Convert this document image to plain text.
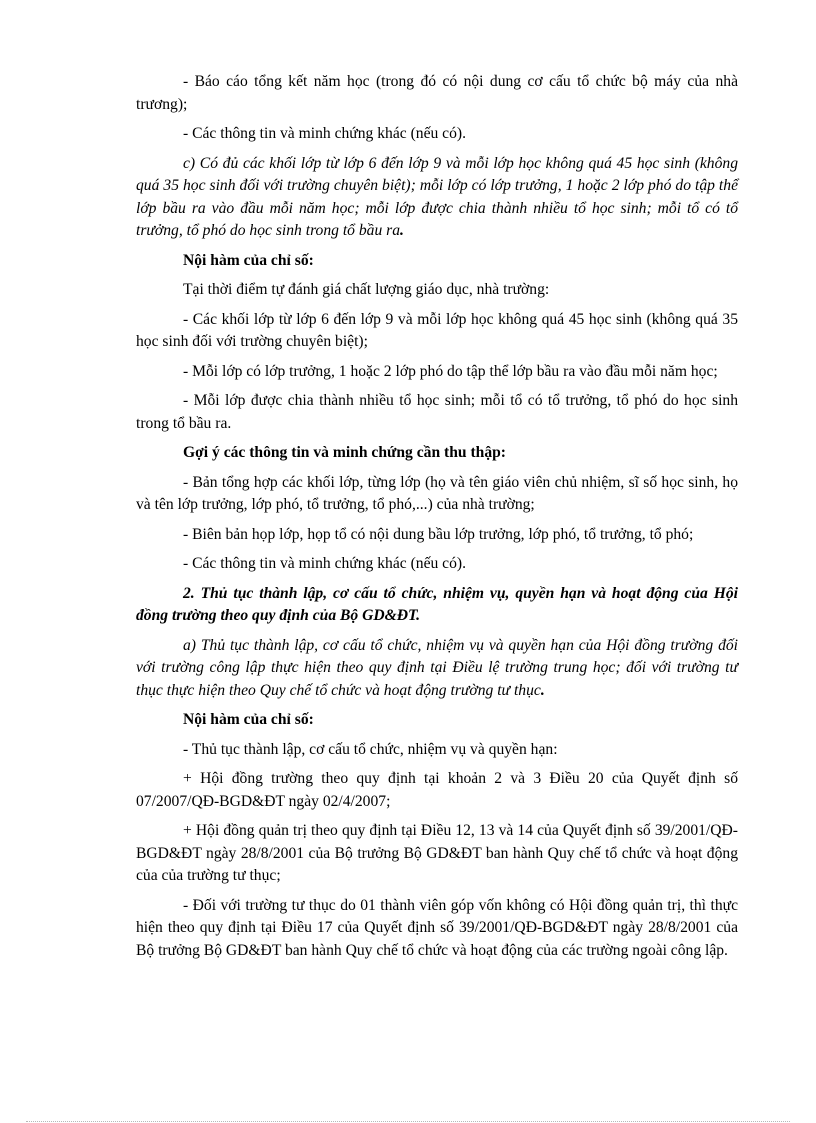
- Báo cáo tổng kết năm học (trong đó có nội dung cơ cấu tổ chức bộ máy của nhà trương);

- Các thông tin và minh chứng khác (nếu có).

c) Có đủ các khối lớp từ lớp 6 đến lớp 9 và mỗi lớp học không quá 45 học sinh (không quá 35 học sinh đối với trường chuyên biệt); mỗi lớp có lớp trưởng, 1 hoặc 2 lớp phó do tập thể lớp bầu ra vào đầu mỗi năm học; mỗi lớp được chia thành nhiều tổ học sinh; mỗi tổ có tổ trưởng, tổ phó do học sinh trong tổ bầu ra.

Nội hàm của chỉ số:

Tại thời điểm tự đánh giá chất lượng giáo dục, nhà trường:

- Các khối lớp từ lớp 6 đến lớp 9 và mỗi lớp học không quá 45 học sinh (không quá 35 học sinh đối với trường chuyên biệt);

- Mỗi lớp có lớp trưởng, 1 hoặc 2 lớp phó do tập thể lớp bầu ra vào đầu mỗi năm học;

- Mỗi lớp được chia thành nhiều tổ học sinh; mỗi tổ có tổ trưởng, tổ phó do học sinh trong tổ bầu ra.

Gợi ý các thông tin và minh chứng cần thu thập:

- Bản tổng hợp các khối lớp, từng lớp (họ và tên giáo viên chủ nhiệm, sĩ số học sinh, họ và tên lớp trưởng, lớp phó, tổ trưởng, tổ phó,...) của nhà trường;

- Biên bản họp lớp, họp tổ có nội dung bầu lớp trưởng, lớp phó, tổ trưởng, tổ phó;

- Các thông tin và minh chứng khác (nếu có).

2. Thủ tục thành lập, cơ cấu tổ chức, nhiệm vụ, quyền hạn và hoạt động của Hội đồng trường theo quy định của Bộ GD&ĐT.

a) Thủ tục thành lập, cơ cấu tổ chức, nhiệm vụ và quyền hạn của Hội đồng trường đối với trường công lập thực hiện theo quy định tại Điều lệ trường trung học; đối với trường tư thục thực hiện theo Quy chế tổ chức và hoạt động trường tư thục.

Nội hàm của chỉ số:

- Thủ tục thành lập, cơ cấu tổ chức, nhiệm vụ và quyền hạn:

+ Hội đồng trường theo quy định tại khoản 2 và 3 Điều 20 của Quyết định số 07/2007/QĐ-BGD&ĐT ngày 02/4/2007;

+ Hội đồng quản trị theo quy định tại Điều 12, 13 và 14 của Quyết định số 39/2001/QĐ-BGD&ĐT ngày 28/8/2001 của Bộ trưởng Bộ GD&ĐT ban hành Quy chế tổ chức và hoạt động của của trường tư thục;

- Đối với trường tư thục do 01 thành viên góp vốn không có Hội đồng quản trị, thì thực hiện theo quy định tại Điều 17 của Quyết định số 39/2001/QĐ-BGD&ĐT ngày 28/8/2001 của Bộ trưởng Bộ GD&ĐT ban hành Quy chế tổ chức và hoạt động của các trường ngoài công lập.
